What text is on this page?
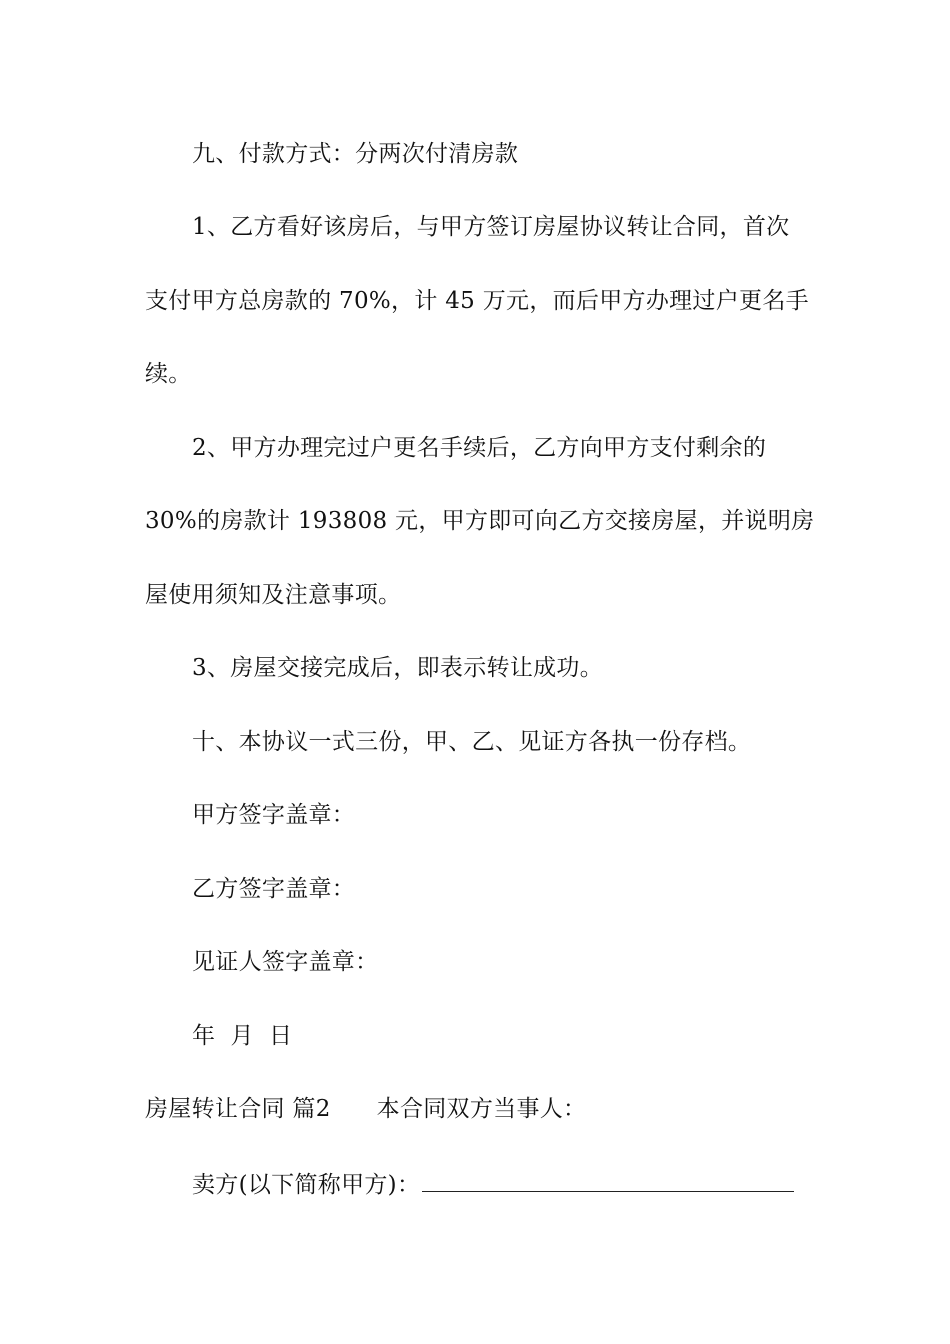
九、付款方式：分两次付清房款
1、乙方看好该房后，与甲方签订房屋协议转让合同，首次
支付甲方总房款的 70%，计 45 万元，而后甲方办理过户更名手
续。
2、甲方办理完过户更名手续后，乙方向甲方支付剩余的
30%的房款计 193808 元，甲方即可向乙方交接房屋，并说明房
屋使用须知及注意事项。
3、房屋交接完成后，即表示转让成功。
十、本协议一式三份，甲、乙、见证方各执一份存档。
甲方签字盖章：
乙方签字盖章：
见证人签字盖章：
年  月  日
房屋转让合同 篇2 本合同双方当事人：
卖方(以下简称甲方)：
